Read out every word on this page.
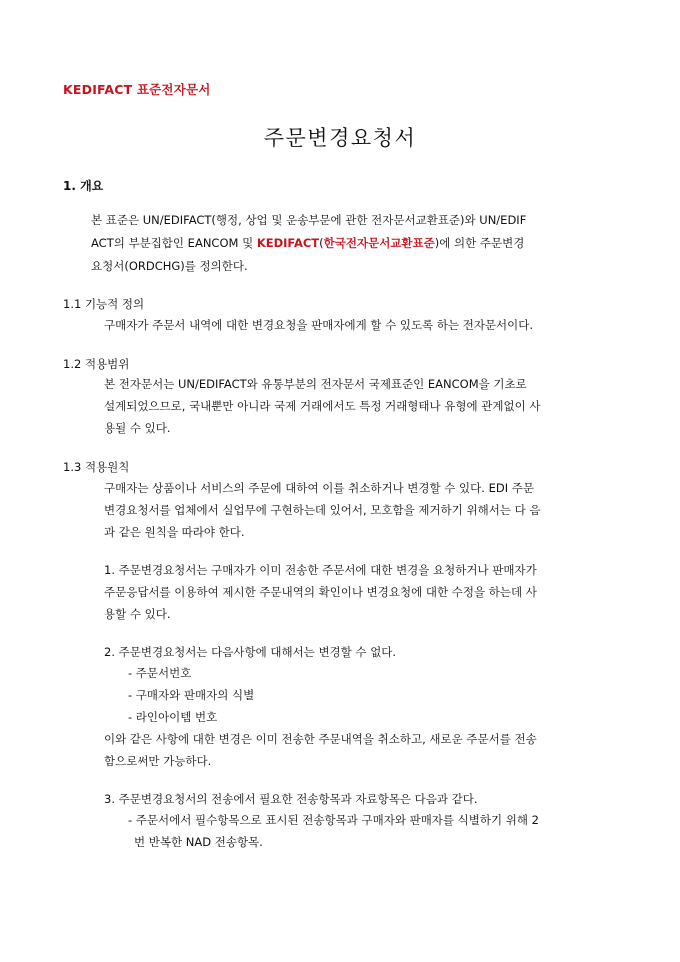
KEDIFACT 표준전자문서
주문변경요청서
1. 개요
본 표준은 UN/EDIFACT(행정, 상업 및 운송부문에 관한 전자문서교환표준)와 UN/EDIF
ACT의 부분집합인 EANCOM 및 KEDIFACT(한국전자문서교환표준)에 의한 주문변경
요청서(ORDCHG)를 정의한다.
1.1 기능적 정의
구매자가 주문서 내역에 대한 변경요청을 판매자에게 할 수 있도록 하는 전자문서이다.
1.2 적용범위
본 전자문서는 UN/EDIFACT와 유통부분의 전자문서 국제표준인 EANCOM을 기초로
설계되었으므로, 국내뿐만 아니라 국제 거래에서도 특정 거래형태나 유형에 관계없이 사
용될 수 있다.
1.3 적용원칙
구매자는 상품이나 서비스의 주문에 대하여 이를 취소하거나 변경할 수 있다. EDI 주문
변경요청서를 업체에서 실업무에 구현하는데 있어서, 모호함을 제거하기 위해서는 다 음
과 같은 원칙을 따라야 한다.
1. 주문변경요청서는 구매자가 이미 전송한 주문서에 대한 변경을 요청하거나 판매자가
주문응답서를 이용하여 제시한 주문내역의 확인이나 변경요청에 대한 수정을 하는데 사
용할 수 있다.
2. 주문변경요청서는 다음사항에 대해서는 변경할 수 없다.
- 주문서번호
- 구매자와 판매자의 식별
- 라인아이템 번호
이와 같은 사항에 대한 변경은 이미 전송한 주문내역을 취소하고, 새로운 주문서를 전송
함으로써만 가능하다.
3. 주문변경요청서의 전송에서 필요한 전송항목과 자료항목은 다음과 같다.
- 주문서에서 필수항목으로 표시된 전송항목과 구매자와 판매자를 식별하기 위해 2
번 반복한 NAD 전송항목.
